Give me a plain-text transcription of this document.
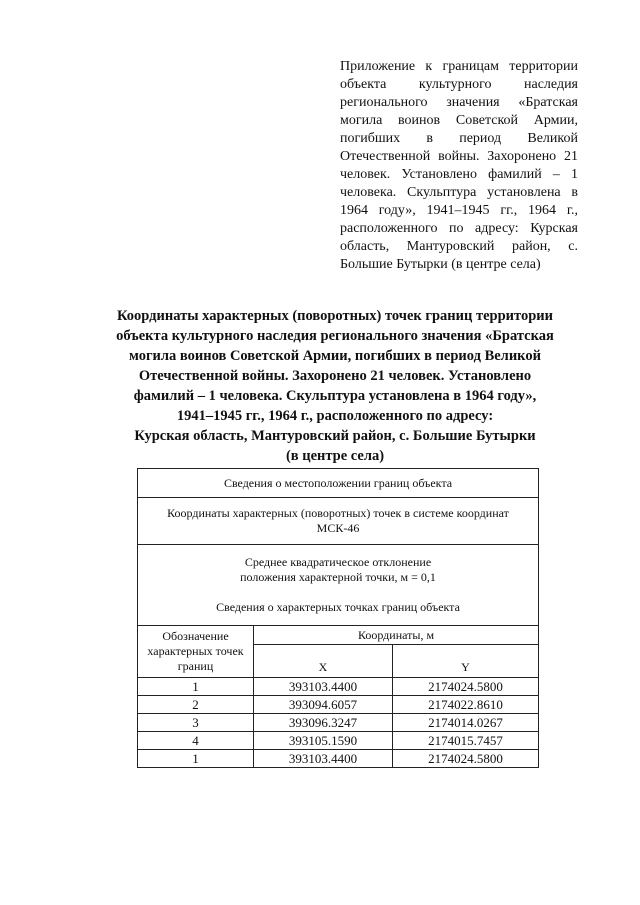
Приложение к границам территории объекта культурного наследия регионального значения «Братская могила воинов Советской Армии, погибших в период Великой Отечественной войны. Захоронено 21 человек. Установлено фамилий – 1 человека. Скульптура установлена в 1964 году», 1941–1945 гг., 1964 г., расположенного по адресу: Курская область, Мантуровский район, с. Большие Бутырки (в центре села)
Координаты характерных (поворотных) точек границ территории
объекта культурного наследия регионального значения «Братская
могила воинов Советской Армии, погибших в период Великой
Отечественной войны. Захоронено 21 человек. Установлено
фамилий – 1 человека. Скульптура установлена в 1964 году»,
1941–1945 гг., 1964 г., расположенного по адресу:
Курская область, Мантуровский район, с. Большие Бутырки
(в центре села)
Сведения о местоположении границ объекта		
Координаты характерных (поворотных) точек в системе координат МСК-46		

Среднее квадратическое отклонение

положения характерной точки, м = 0,1

Сведения о характерных точках границ объекта		

Обозначение характерных точек границ	Координаты, м	
	X	Y
1	393103.4400	2174024.5800
2	393094.6057	2174022.8610
3	393096.3247	2174014.0267
4	393105.1590	2174015.7457
1	393103.4400	2174024.5800
